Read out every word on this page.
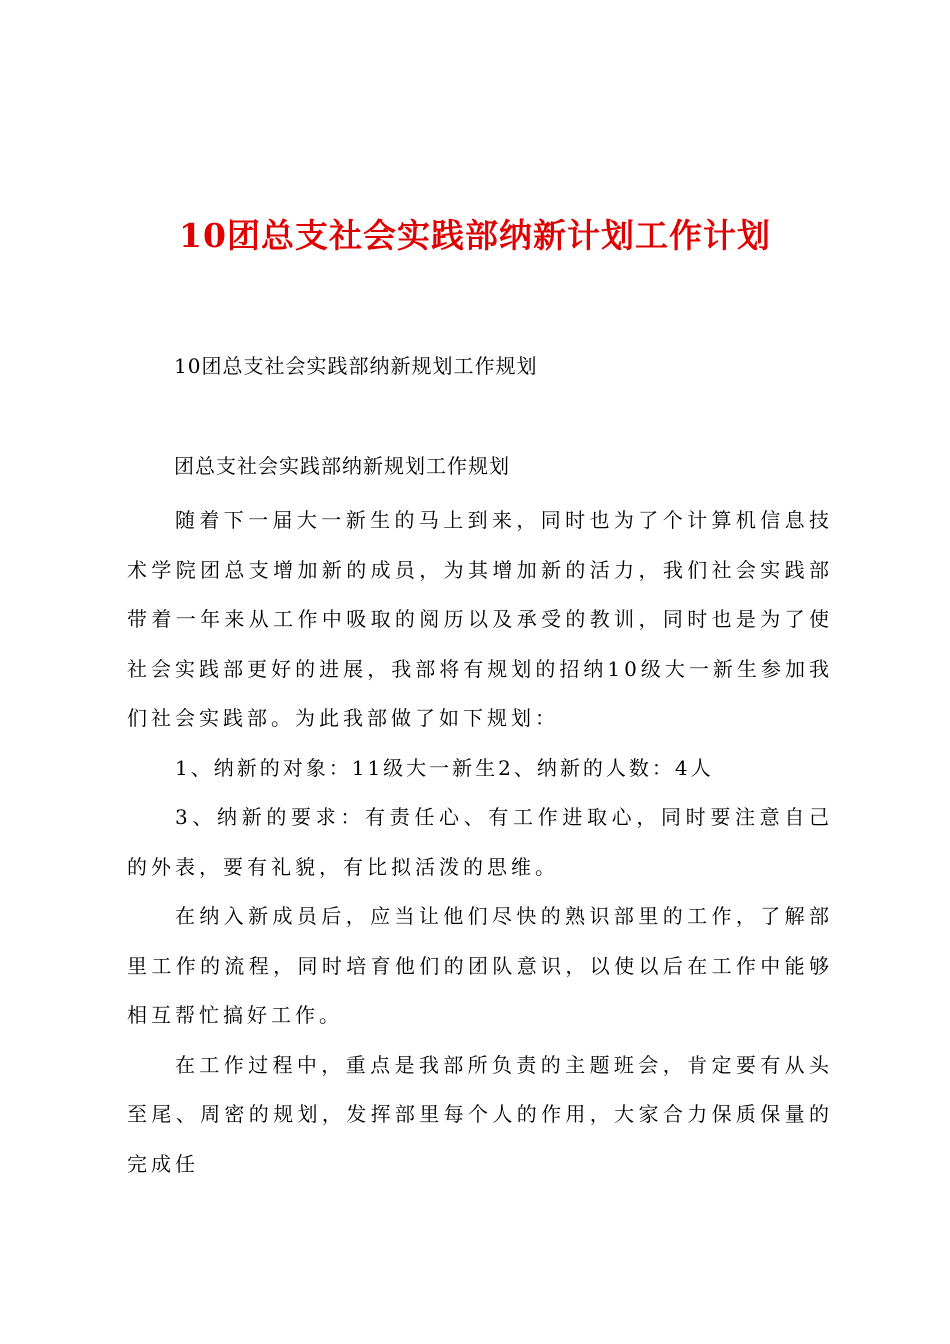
10团总支社会实践部纳新计划工作计划

10团总支社会实践部纳新规划工作规划

团总支社会实践部纳新规划工作规划

随着下一届大一新生的马上到来，同时也为了个计算机信息技术学院团总支增加新的成员，为其增加新的活力，我们社会实践部带着一年来从工作中吸取的阅历以及承受的教训，同时也是为了使社会实践部更好的进展，我部将有规划的招纳10级大一新生参加我们社会实践部。为此我部做了如下规划：

1、纳新的对象：11级大一新生2、纳新的人数：4人

3、纳新的要求：有责任心、有工作进取心，同时要注意自己的外表，要有礼貌，有比拟活泼的思维。

在纳入新成员后，应当让他们尽快的熟识部里的工作，了解部里工作的流程，同时培育他们的团队意识，以使以后在工作中能够相互帮忙搞好工作。

在工作过程中，重点是我部所负责的主题班会，肯定要有从头至尾、周密的规划，发挥部里每个人的作用，大家合力保质保量的完成任
